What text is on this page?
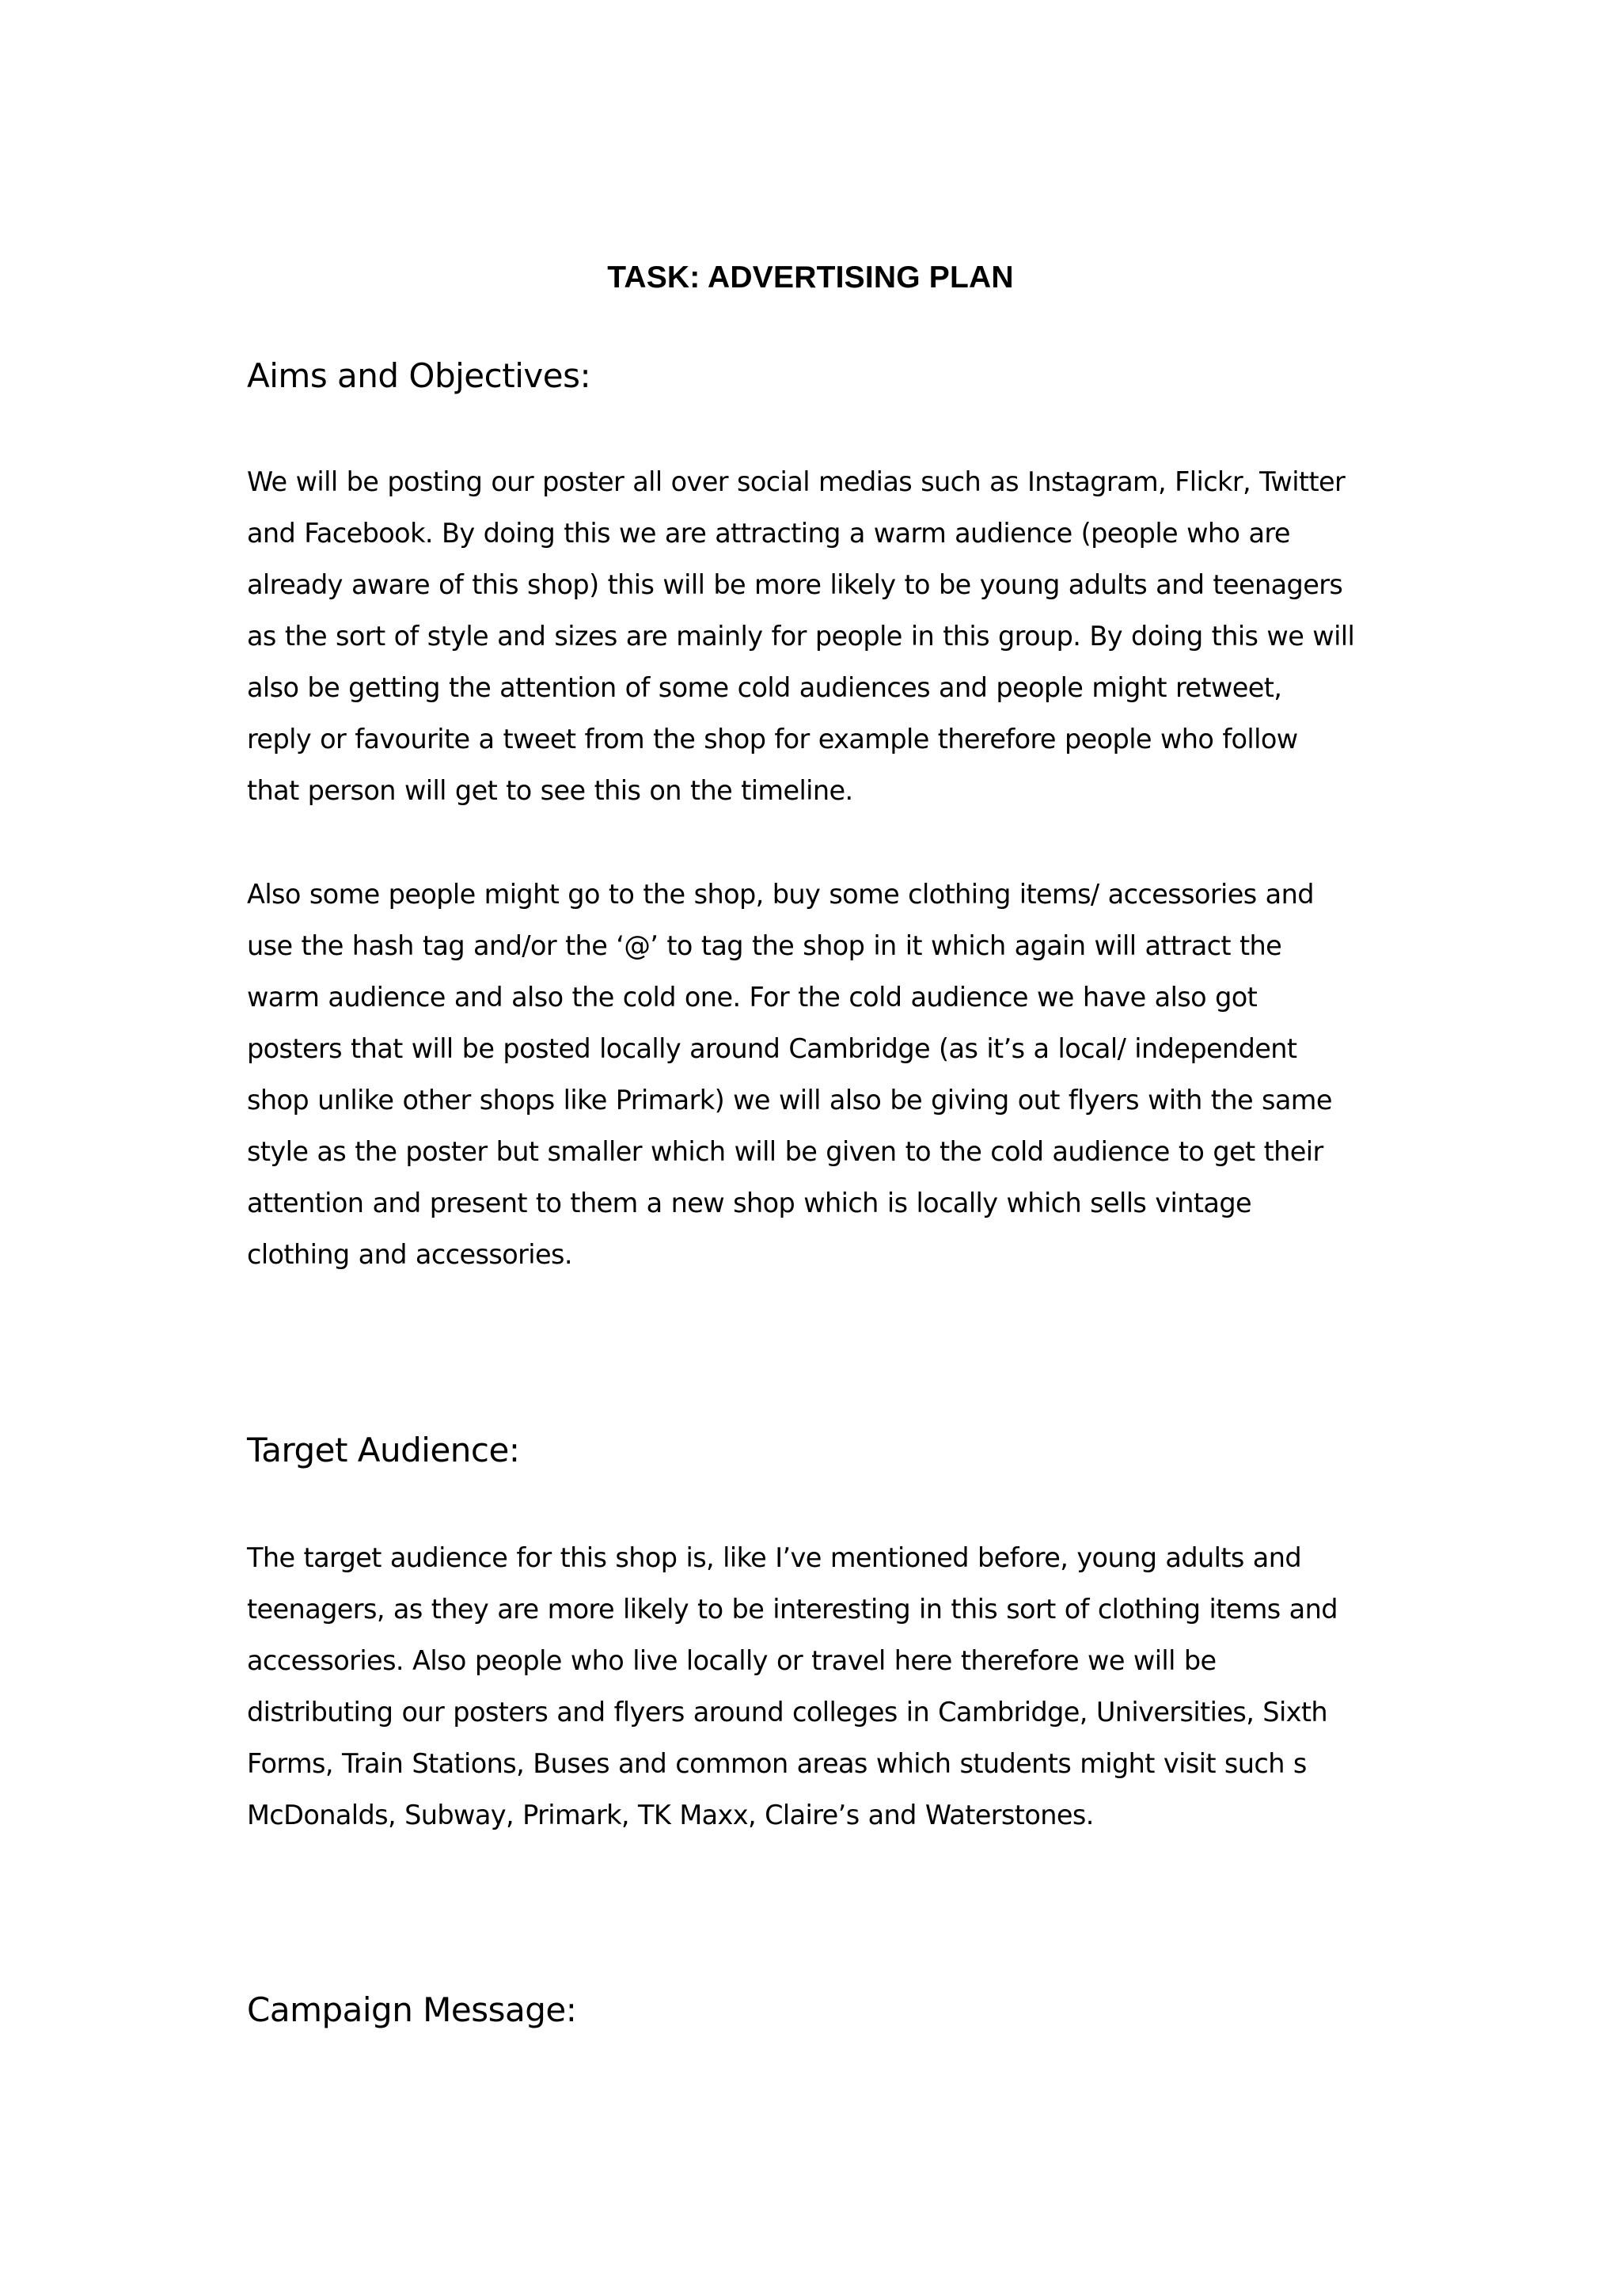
TASK: ADVERTISING PLAN
Aims and Objectives:

We will be posting our poster all over social medias such as Instagram, Flickr, Twitter
and Facebook. By doing this we are attracting a warm audience (people who are
already aware of this shop) this will be more likely to be young adults and teenagers
as the sort of style and sizes are mainly for people in this group. By doing this we will
also be getting the attention of some cold audiences and people might retweet,
reply or favourite a tweet from the shop for example therefore people who follow
that person will get to see this on the timeline.

Also some people might go to the shop, buy some clothing items/ accessories and
use the hash tag and/or the ‘@’ to tag the shop in it which again will attract the
warm audience and also the cold one. For the cold audience we have also got
posters that will be posted locally around Cambridge (as it’s a local/ independent
shop unlike other shops like Primark) we will also be giving out flyers with the same
style as the poster but smaller which will be given to the cold audience to get their
attention and present to them a new shop which is locally which sells vintage
clothing and accessories.

Target Audience:

The target audience for this shop is, like I’ve mentioned before, young adults and
teenagers, as they are more likely to be interesting in this sort of clothing items and
accessories. Also people who live locally or travel here therefore we will be
distributing our posters and flyers around colleges in Cambridge, Universities, Sixth
Forms, Train Stations, Buses and common areas which students might visit such s
McDonalds, Subway, Primark, TK Maxx, Claire’s and Waterstones.

Campaign Message:
